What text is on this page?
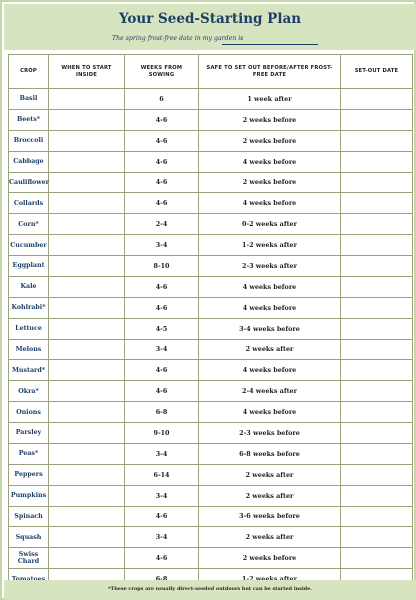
Your Seed-Starting Plan
The spring frost-free date in my garden is
CROP	WHEN TO START INSIDE	WEEKS FROM SOWING	SAFE TO SET OUT BEFORE/AFTER FROST-FREE DATE	SET-OUT DATE
Basil		6	1 week after	
Beets*		4-6	2 weeks before	
Broccoli		4-6	2 weeks before	
Cabbage		4-6	4 weeks before	
Cauliflower		4-6	2 weeks before	
Collards		4-6	4 weeks before	
Corn*		2-4	0-2 weeks after	
Cucumber		3-4	1-2 weeks after	
Eggplant		8-10	2-3 weeks after	
Kale		4-6	4 weeks before	
Kohlrabi*		4-6	4 weeks before	
Lettuce		4-5	3-4 weeks before	
Melons		3-4	2 weeks after	
Mustard*		4-6	4 weeks before	
Okra*		4-6	2-4 weeks after	
Onions		6-8	4 weeks before	
Parsley		9-10	2-3 weeks before	
Peas*		3-4	6-8 weeks before	
Peppers		6-14	2 weeks after	
Pumpkins		3-4	2 weeks after	
Spinach		4-6	3-6 weeks before	
Squash		3-4	2 weeks after	
Swiss Chard		4-6	2 weeks before	

*These crops are usually direct-seeded outdoors but can be started inside.
